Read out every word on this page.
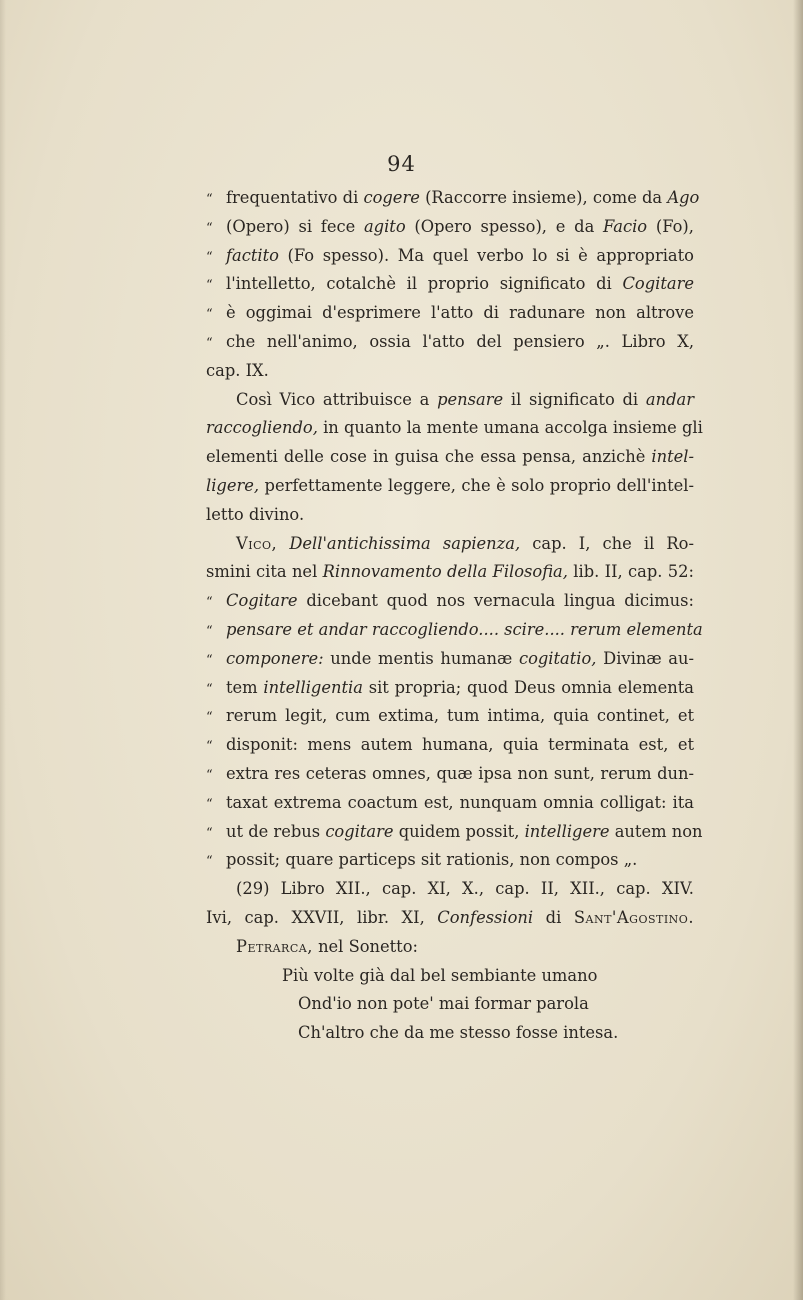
94
“ frequentativo di cogere (Raccorre insieme), come da Ago
“ (Opero) si fece agito (Opero spesso), e da Facio (Fo),
“ factito (Fo spesso). Ma quel verbo lo si è appropriato
“ l'intelletto, cotalchè il proprio significato di Cogitare
“ è oggimai d'esprimere l'atto di radunare non altrove
“ che nell'animo, ossia l'atto del pensiero „. Libro X,
cap. IX.
Così Vico attribuisce a pensare il significato di andar
raccogliendo, in quanto la mente umana accolga insieme gli
elementi delle cose in guisa che essa pensa, anzichè intel-
ligere, perfettamente leggere, che è solo proprio dell'intel-
letto divino.
Vico, Dell'antichissima sapienza, cap. I, che il Ro-
smini cita nel Rinnovamento della Filosofia, lib. II, cap. 52:
“ Cogitare dicebant quod nos vernacula lingua dicimus:
“ pensare et andar raccogliendo.... scire.... rerum elementa
“ componere: unde mentis humanæ cogitatio, Divinæ au-
“ tem intelligentia sit propria; quod Deus omnia elementa
“ rerum legit, cum extima, tum intima, quia continet, et
“ disponit: mens autem humana, quia terminata est, et
“ extra res ceteras omnes, quæ ipsa non sunt, rerum dun-
“ taxat extrema coactum est, nunquam omnia colligat: ita
“ ut de rebus cogitare quidem possit, intelligere autem non
“ possit; quare particeps sit rationis, non compos „.
(29) Libro XII., cap. XI, X., cap. II, XII., cap. XIV.
Ivi, cap. XXVII, libr. XI, Confessioni di Sant'Agostino.
Petrarca, nel Sonetto:
Più volte già dal bel sembiante umano
Ond'io non pote' mai formar parola
Ch'altro che da me stesso fosse intesa.
